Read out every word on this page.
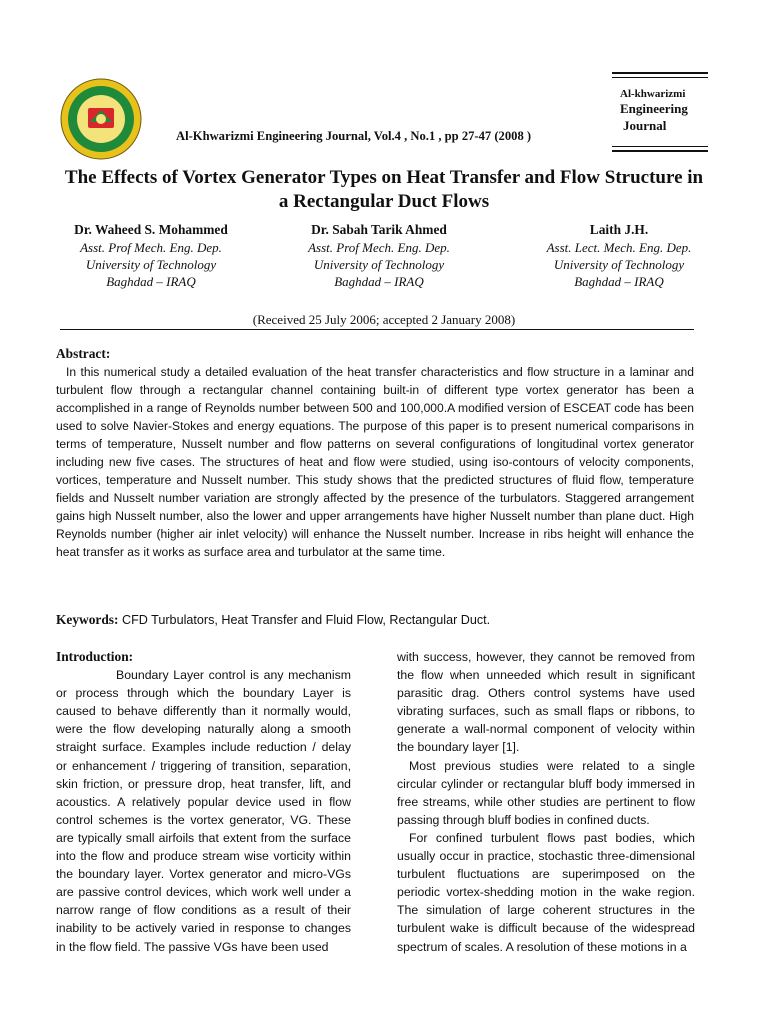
Al-Khwarizmi Engineering Journal, Vol.4 , No.1 , pp 27-47 (2008 )
Al-khwarizmi
Engineering
Journal
The Effects of Vortex Generator Types on Heat Transfer and Flow Structure in a Rectangular Duct Flows
Dr. Waheed S. Mohammed
Asst. Prof Mech. Eng. Dep.
University of Technology
Baghdad – IRAQ
Dr. Sabah Tarik Ahmed
Asst. Prof Mech. Eng. Dep.
University of Technology
Baghdad – IRAQ
Laith J.H.
Asst. Lect. Mech. Eng. Dep.
University of Technology
Baghdad – IRAQ
(Received 25 July 2006; accepted 2 January 2008)
Abstract:
In this numerical study a detailed evaluation of the heat transfer characteristics and flow structure in a laminar and turbulent flow through a rectangular channel containing built-in of different type vortex generator has been a accomplished in a range of Reynolds number between 500 and 100,000.A modified version of ESCEAT code has been used to solve Navier-Stokes and energy equations. The purpose of this paper is to present numerical comparisons in terms of temperature, Nusselt number and flow patterns on several configurations of longitudinal vortex generator including new five cases. The structures of heat and flow were studied, using iso-contours of velocity components, vortices, temperature and Nusselt number. This study shows that the predicted structures of fluid flow, temperature fields and Nusselt number variation are strongly affected by the presence of the turbulators. Staggered arrangement gains high Nusselt number, also the lower and upper arrangements have higher Nusselt number than plane duct. High Reynolds number (higher air inlet velocity) will enhance the Nusselt number. Increase in ribs height will enhance the heat transfer as it works as surface area and turbulator at the same time.
Keywords: CFD Turbulators, Heat Transfer and Fluid Flow, Rectangular Duct.
Introduction:
Boundary Layer control is any mechanism or process through which the boundary Layer is caused to behave differently than it normally would, were the flow developing naturally along a smooth straight surface. Examples include reduction / delay or enhancement / triggering of transition, separation, skin friction, or pressure drop, heat transfer, lift, and acoustics. A relatively popular device used in flow control schemes is the vortex generator, VG. These are typically small airfoils that extent from the surface into the flow and produce stream wise vorticity within the boundary layer. Vortex generator and micro-VGs are passive control devices, which work well under a narrow range of flow conditions as a result of their inability to be actively varied in response to changes in the flow field. The passive VGs have been used
with success, however, they cannot be removed from the flow when unneeded which result in significant parasitic drag. Others control systems have used vibrating surfaces, such as small flaps or ribbons, to generate a wall-normal component of velocity within the boundary layer [1].
Most previous studies were related to a single circular cylinder or rectangular bluff body immersed in free streams, while other studies are pertinent to flow passing through bluff bodies in confined ducts.
For confined turbulent flows past bodies, which usually occur in practice, stochastic three-dimensional turbulent fluctuations are superimposed on the periodic vortex-shedding motion in the wake region. The simulation of large coherent structures in the turbulent wake is difficult because of the widespread spectrum of scales. A resolution of these motions in a
